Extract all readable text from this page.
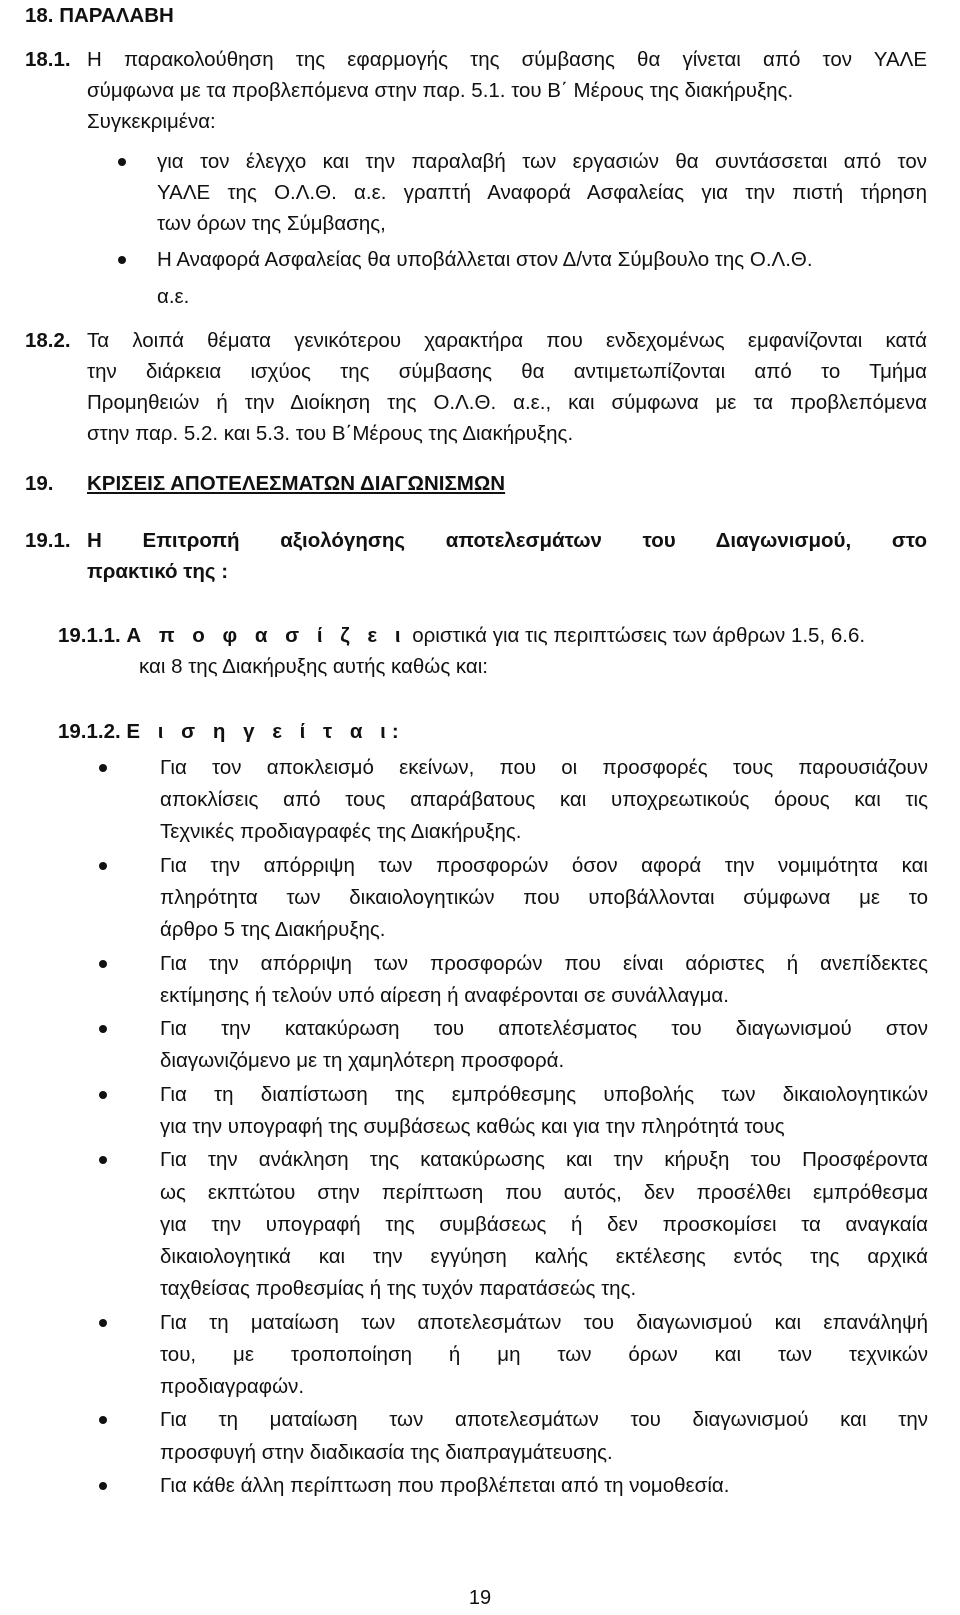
18. ΠΑΡΑΛΑΒΗ
18.1. Η παρακολούθηση της εφαρμογής της σύμβασης θα γίνεται από τον ΥΑΛΕ
σύμφωνα με τα προβλεπόμενα στην παρ. 5.1. του Β΄ Μέρους της διακήρυξης.
Συγκεκριμένα:
για τον έλεγχο και την παραλαβή των εργασιών θα συντάσσεται από τον
ΥΑΛΕ της Ο.Λ.Θ. α.ε. γραπτή Αναφορά Ασφαλείας για την πιστή τήρηση
των όρων της Σύμβασης,
Η Αναφορά Ασφαλείας θα υποβάλλεται στον Δ/ντα Σύμβουλο της Ο.Λ.Θ.
α.ε.
18.2. Τα λοιπά θέματα γενικότερου χαρακτήρα που ενδεχομένως εμφανίζονται κατά
την διάρκεια ισχύος της σύμβασης θα αντιμετωπίζονται από το Τμήμα
Προμηθειών ή την Διοίκηση της Ο.Λ.Θ. α.ε., και σύμφωνα με τα προβλεπόμενα
στην παρ. 5.2. και 5.3. του Β΄Μέρους της Διακήρυξης.
19. ΚΡΙΣΕΙΣ ΑΠΟΤΕΛΕΣΜΑΤΩΝ ΔΙΑΓΩΝΙΣΜΩΝ
19.1. Η Επιτροπή αξιολόγησης αποτελεσμάτων του Διαγωνισμού, στο
πρακτικό της :
19.1.1. Α π ο φ α σ ί ζ ε ι οριστικά για τις περιπτώσεις των άρθρων 1.5, 6.6.
και 8 της Διακήρυξης αυτής καθώς και:
19.1.2. Ε ι σ η γ ε ί τ α ι:
Για τον αποκλεισμό εκείνων, που οι προσφορές τους παρουσιάζουν
αποκλίσεις από τους απαράβατους και υποχρεωτικούς όρους και τις
Τεχνικές προδιαγραφές της Διακήρυξης.
Για την απόρριψη των προσφορών όσον αφορά την νομιμότητα και
πληρότητα των δικαιολογητικών που υποβάλλονται σύμφωνα με το
άρθρο 5 της Διακήρυξης.
Για την απόρριψη των προσφορών που είναι αόριστες ή ανεπίδεκτες
εκτίμησης ή τελούν υπό αίρεση ή αναφέρονται σε συνάλλαγμα.
Για την κατακύρωση του αποτελέσματος του διαγωνισμού στον
διαγωνιζόμενο με τη χαμηλότερη προσφορά.
Για τη διαπίστωση της εμπρόθεσμης υποβολής των δικαιολογητικών
για την υπογραφή της συμβάσεως καθώς και για την πληρότητά τους
Για την ανάκληση της κατακύρωσης και την κήρυξη του Προσφέροντα
ως εκπτώτου στην περίπτωση που αυτός, δεν προσέλθει εμπρόθεσμα
για την υπογραφή της συμβάσεως ή δεν προσκομίσει τα αναγκαία
δικαιολογητικά και την εγγύηση καλής εκτέλεσης εντός της αρχικά
ταχθείσας προθεσμίας ή της τυχόν παρατάσεώς της.
Για τη ματαίωση των αποτελεσμάτων του διαγωνισμού και επανάληψή
του, με τροποποίηση ή μη των όρων και των τεχνικών
προδιαγραφών.
Για τη ματαίωση των αποτελεσμάτων του διαγωνισμού και την
προσφυγή στην διαδικασία της διαπραγμάτευσης.
Για κάθε άλλη περίπτωση που προβλέπεται από τη νομοθεσία.
19
